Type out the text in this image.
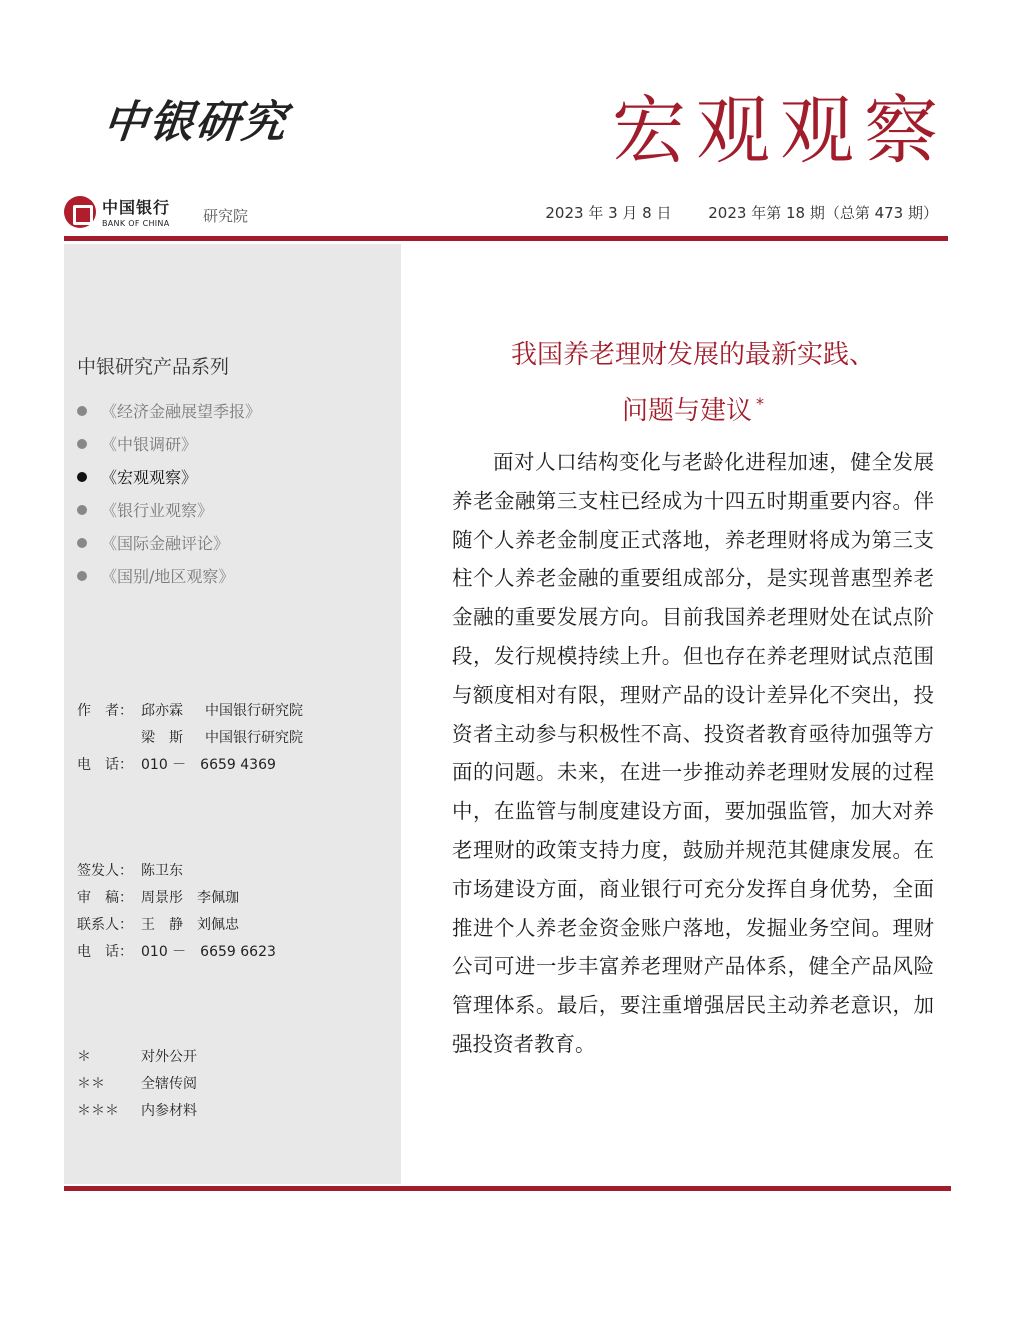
中银研究	宏观观察
中国银行
BANK OF CHINA 研究院	2023 年 3 月 8 日 2023 年第 18 期（总第 473 期）
中银研究产品系列
《经济金融展望季报》
《中银调研》
《宏观观察》
《银行业观察》
《国际金融评论》
《国别/地区观察》
作　者： 邱亦霖	中国银行研究院
梁　斯	中国银行研究院
电　话： 010 －　6659 4369
签发人： 陈卫东
审　稿： 周景彤　李佩珈
联系人： 王　静　刘佩忠
电　话： 010 －　6659 6623
＊	对外公开
＊＊	全辖传阅
＊＊＊	内参材料
我国养老理财发展的最新实践、
问题与建议 *

面对人口结构变化与老龄化进程加速，健全发展养老金融第三支柱已经成为十四五时期重要内容。伴随个人养老金制度正式落地，养老理财将成为第三支柱个人养老金融的重要组成部分，是实现普惠型养老金融的重要发展方向。目前我国养老理财处在试点阶段，发行规模持续上升。但也存在养老理财试点范围与额度相对有限，理财产品的设计差异化不突出，投资者主动参与积极性不高、投资者教育亟待加强等方面的问题。未来，在进一步推动养老理财发展的过程中，在监管与制度建设方面，要加强监管，加大对养老理财的政策支持力度，鼓励并规范其健康发展。在市场建设方面，商业银行可充分发挥自身优势，全面推进个人养老金资金账户落地，发掘业务空间。理财公司可进一步丰富养老理财产品体系，健全产品风险管理体系。最后，要注重增强居民主动养老意识，加强投资者教育。
